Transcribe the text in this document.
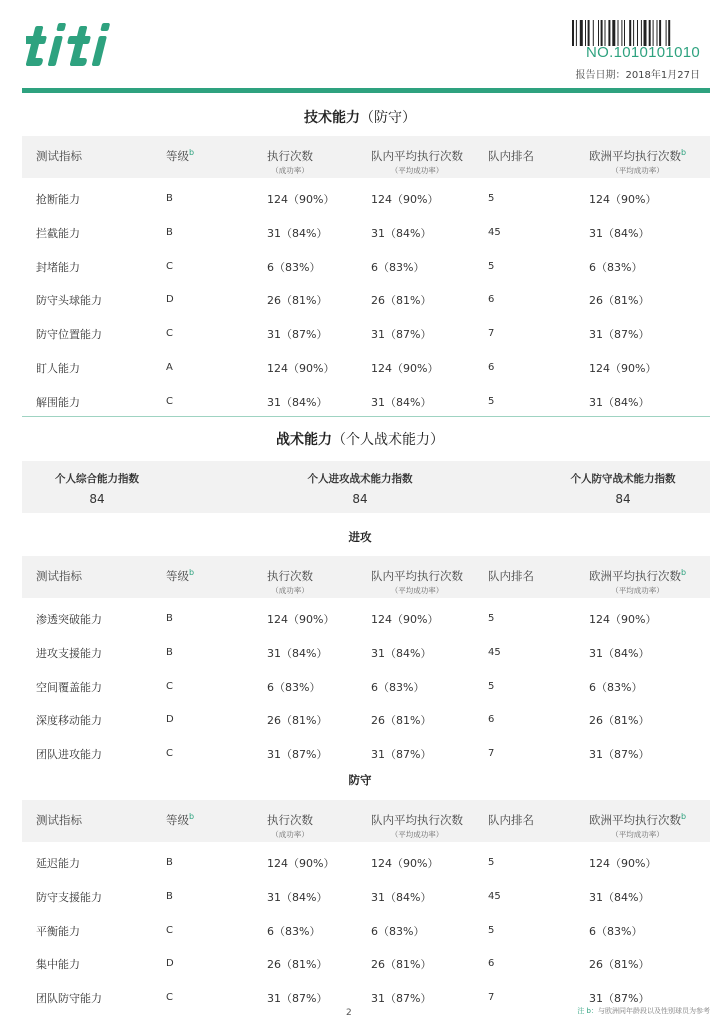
NO.1010101010
报告日期：2018年1月27日
技术能力（防守）
测试指标	等级$^b$	执行次数
（成功率）
队内平均执行次数
（平均成功率）
队内排名	欧洲平均执行次数$^b$
（平均成功率）
抢断能力	B	124（90%）	124（90%）	5	124（90%）
拦截能力	B	31（84%）	31（84%）	45	31（84%）
封堵能力	C	6（83%）	6（83%）	5	6（83%）
防守头球能力	D	26（81%）	26（81%）	6	26（81%）
防守位置能力	C	31（87%）	31（87%）	7	31（87%）
盯人能力	A	124（90%）	124（90%）	6	124（90%）
解围能力	C	31（84%）	31（84%）	5	31（84%）
战术能力（个人战术能力）
个人综合能力指数
84
个人进攻战术能力指数
84
个人防守战术能力指数
84
进攻
测试指标	等级$^b$	执行次数
（成功率）
队内平均执行次数
（平均成功率）
队内排名	欧洲平均执行次数$^b$
（平均成功率）
渗透突破能力	B	124（90%）	124（90%）	5	124（90%）
进攻支援能力	B	31（84%）	31（84%）	45	31（84%）
空间覆盖能力	C	6（83%）	6（83%）	5	6（83%）
深度移动能力	D	26（81%）	26（81%）	6	26（81%）
团队进攻能力	C	31（87%）	31（87%）	7	31（87%）
防守
测试指标	等级$^b$	执行次数
（成功率）
队内平均执行次数
（平均成功率）
队内排名	欧洲平均执行次数$^b$
（平均成功率）
延迟能力	B	124（90%）	124（90%）	5	124（90%）
防守支援能力	B	31（84%）	31（84%）	45	31（84%）
平衡能力	C	6（83%）	6（83%）	5	6（83%）
集中能力	D	26（81%）	26（81%）	6	26（81%）
团队防守能力	C	31（87%）	31（87%）	7	31（87%）
2	注 b：与欧洲同年龄段以及性别球员为参考
